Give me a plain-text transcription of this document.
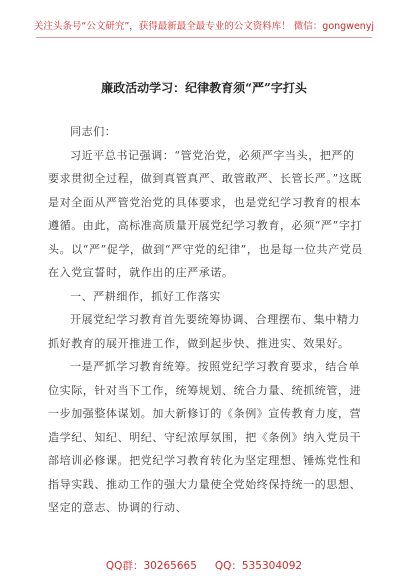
关注头条号“公文研究”，获得最新最全最专业的公文资料库！ 微信：gongwenyj
廉政活动学习：纪律教育须“严”字打头

同志们：

习近平总书记强调：“管党治党，必须严字当头，把严的要求贯彻全过程，做到真管真严、敢管敢严、长管长严。”这既是对全面从严管党治党的具体要求，也是党纪学习教育的根本遵循。由此，高标准高质量开展党纪学习教育，必须“严”字打头。以“严”促学，做到“严守党的纪律”，也是每一位共产党员在入党宣誓时，就作出的庄严承诺。

一、严耕细作，抓好工作落实

开展党纪学习教育首先要统筹协调、合理摆布、集中精力抓好教育的展开推进工作，做到起步快、推进实、效果好。

一是严抓学习教育统筹。按照党纪学习教育要求，结合单位实际，针对当下工作，统筹规划、统合力量、统抓统管，进一步加强整体谋划。加大新修订的《条例》宣传教育力度，营造学纪、知纪、明纪、守纪浓厚氛围，把《条例》纳入党员干部培训必修课。把党纪学习教育转化为坚定理想、锤炼党性和指导实践、推动工作的强大力量使全党始终保持统一的思想、坚定的意志、协调的行动、

QQ群：30265665 QQ：535304092
